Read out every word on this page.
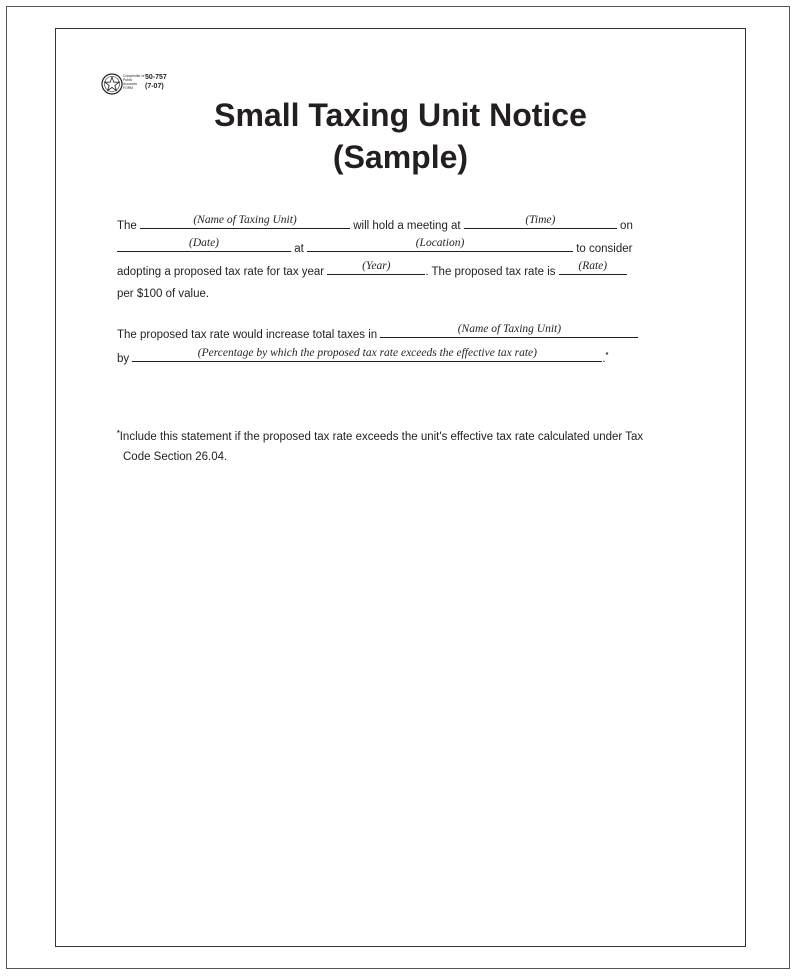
Comptroller of Public Accounts FORM
50-757
(7-07)
Small Taxing Unit Notice
(Sample)
The	(Name of Taxing Unit)	will hold a meeting at	(Time)	on
(Date)	at	(Location)	to consider
adopting a proposed tax rate for tax year	(Year)	. The proposed tax rate is	(Rate)
per $100 of value.
The proposed tax rate would increase total taxes in	(Name of Taxing Unit)
by	(Percentage by which the proposed tax rate exceeds the effective tax rate)	.*
*Include this statement if the proposed tax rate exceeds the unit's effective tax rate calculated under Tax
Code Section 26.04.
